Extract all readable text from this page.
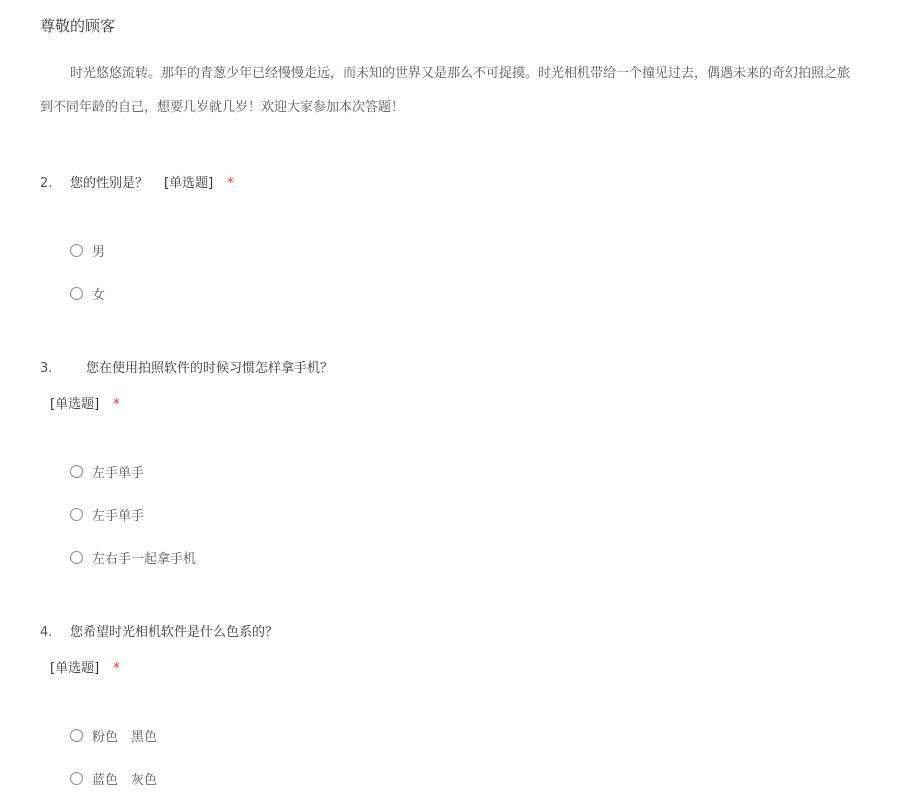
尊敬的顾客
时光悠悠流转。那年的青葱少年已经慢慢走远，而未知的世界又是那么不可捉摸。时光相机带给一个撞见过去，偶遇未来的奇幻拍照之旅
到不同年龄的自己，想要几岁就几岁！欢迎大家参加本次答题！
2. 您的性别是？ [单选题] *
男
女
3.	您在使用拍照软件的时候习惯怎样拿手机？
[单选题] *
左手单手
左手单手
左右手一起拿手机
4. 您希望时光相机软件是什么色系的？
[单选题] *
粉色　黑色
蓝色　灰色
